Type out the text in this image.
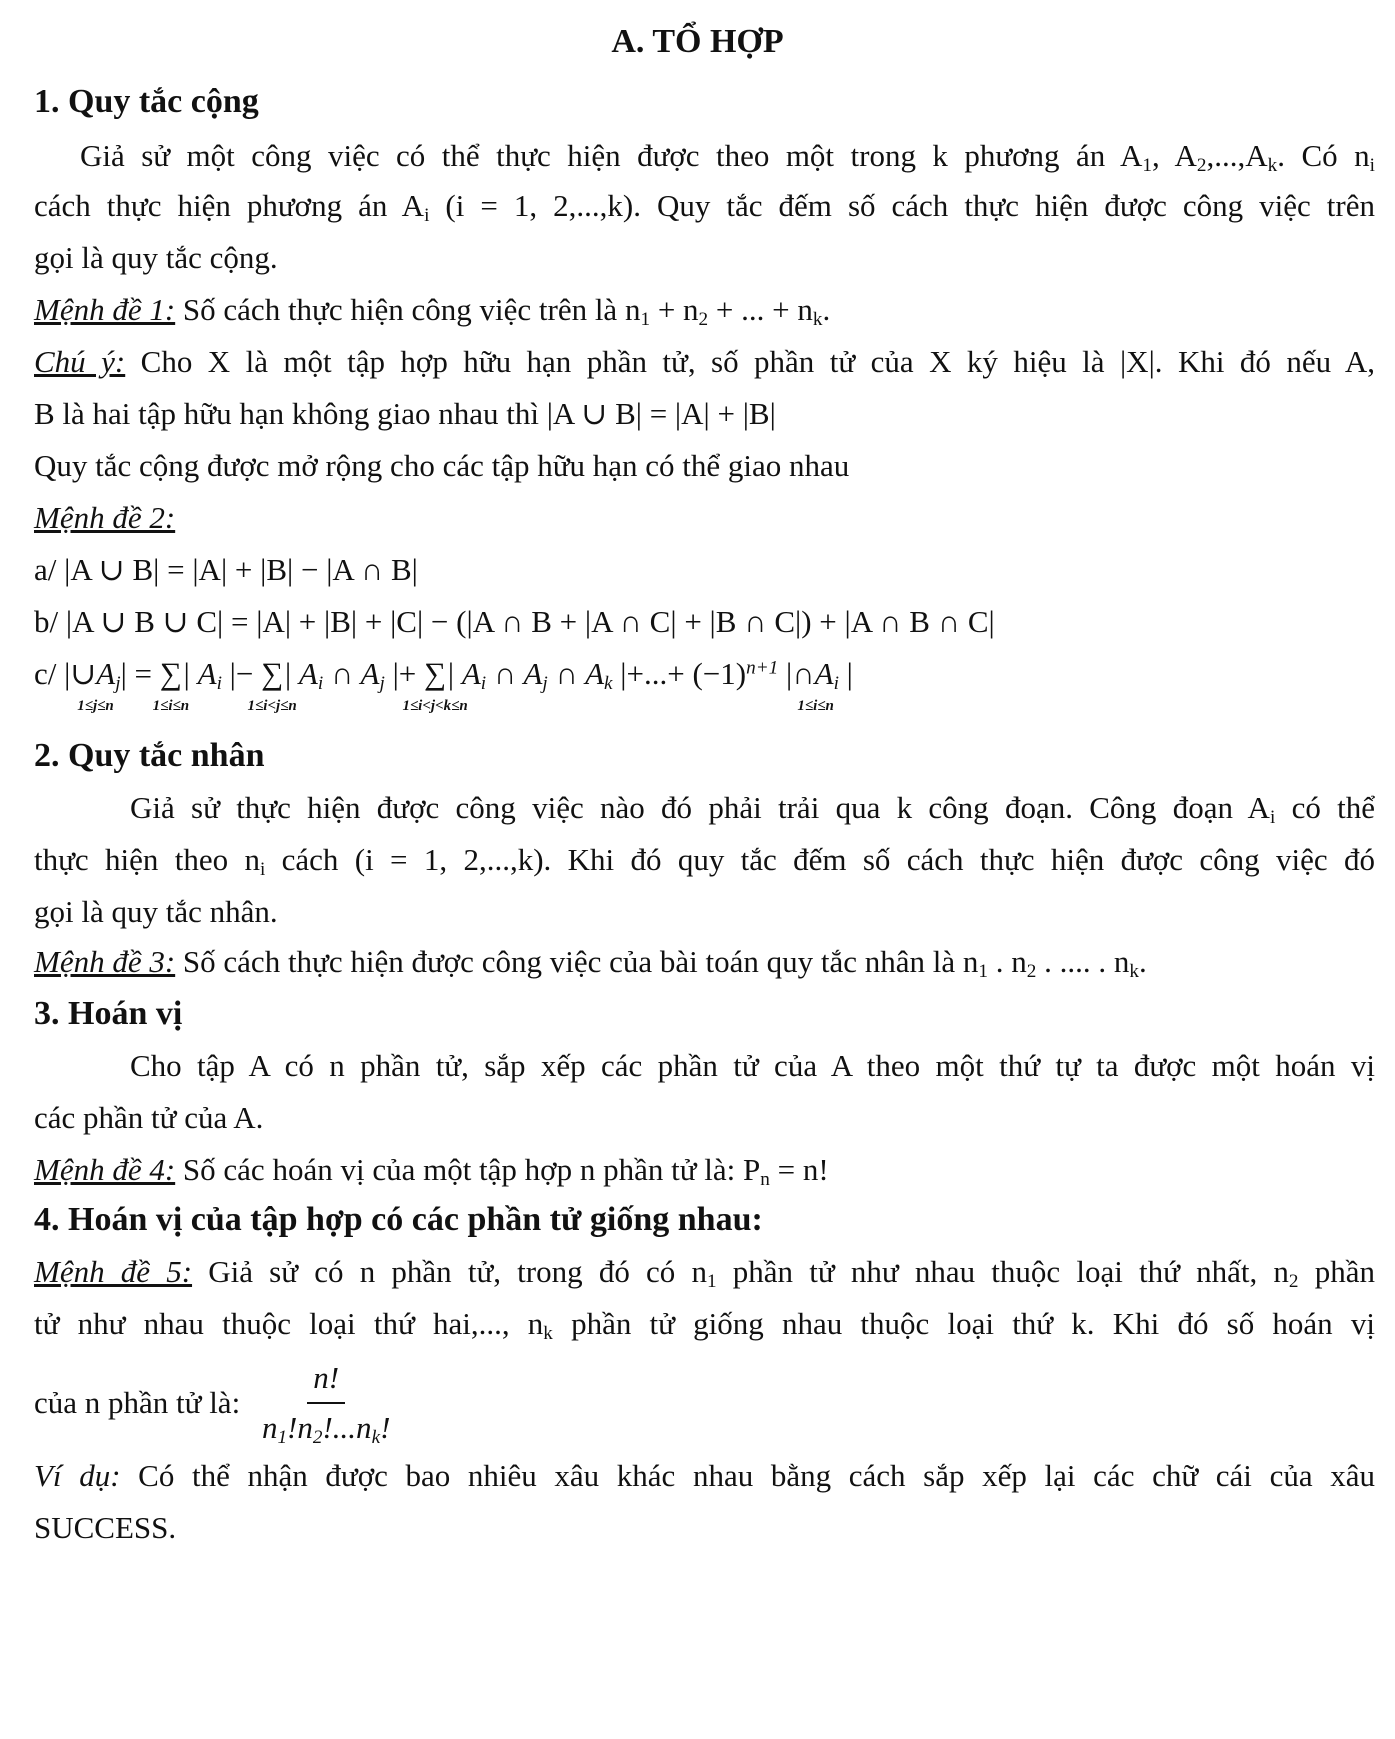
A. TỔ HỢP
1. Quy tắc cộng
Giả sử một công việc có thể thực hiện được theo một trong k phương án $A_1$, $A_2,...,A_k$. Có $n_i$
cách thực hiện phương án $A_i$ (i = 1, 2,...,k). Quy tắc đếm số cách thực hiện được công việc trên
gọi là quy tắc cộng.
Mệnh đề 1: Số cách thực hiện công việc trên là $n_1 + n_2$ + ... + $n_k$.
Chú ý: Cho X là một tập hợp hữu hạn phần tử, số phần tử của X ký hiệu là |X|. Khi đó nếu A,
B là hai tập hữu hạn không giao nhau thì |A ∪ B| = |A| + |B|
Quy tắc cộng được mở rộng cho các tập hữu hạn có thể giao nhau
Mệnh đề 2:
a/ |A ∪ B| = |A| + |B| − |A ∩ B|
b/ |A ∪ B ∪ C| = |A| + |B| + |C| − (|A ∩ B + |A ∩ C| + |B ∩ C|) + |A ∩ B ∩ C|
c/ $|\cup A_j$
1≤j≤n
| = ∑
1≤i≤n
| $A_i$ |− ∑
1≤i<j≤n
| $A_i$ ∩ $A_j$ |+ ∑
1≤i<j<k≤n
| $A_i$ ∩ $A_j$ ∩ $A_k$ |+...+ $(-1)^{n+1}$ $|\cap A_i$
1≤i≤n
|
2. Quy tắc nhân
Giả sử thực hiện được công việc nào đó phải trải qua k công đoạn. Công đoạn $A_i$ có thể
thực hiện theo $n_i$ cách (i = 1, 2,...,k). Khi đó quy tắc đếm số cách thực hiện được công việc đó
gọi là quy tắc nhân.
Mệnh đề 3: Số cách thực hiện được công việc của bài toán quy tắc nhân là $n_1$ . $n_2$ . .... . $n_k$.
3. Hoán vị
Cho tập A có n phần tử, sắp xếp các phần tử của A theo một thứ tự ta được một hoán vị
các phần tử của A.
Mệnh đề 4: Số các hoán vị của một tập hợp n phần tử là: $P_n = n$!
4. Hoán vị của tập hợp có các phần tử giống nhau:
Mệnh đề 5: Giả sử có n phần tử, trong đó có $n_1$ phần tử như nhau thuộc loại thứ nhất, $n_2$ phần
tử như nhau thuộc loại thứ hai,..., $n_k$ phần tử giống nhau thuộc loại thứ k. Khi đó số hoán vị
của n phần tử là: $\frac{n!}{n_1!n_2!...n_k!}$
Ví dụ: Có thể nhận được bao nhiêu xâu khác nhau bằng cách sắp xếp lại các chữ cái của xâu
SUCCESS.
